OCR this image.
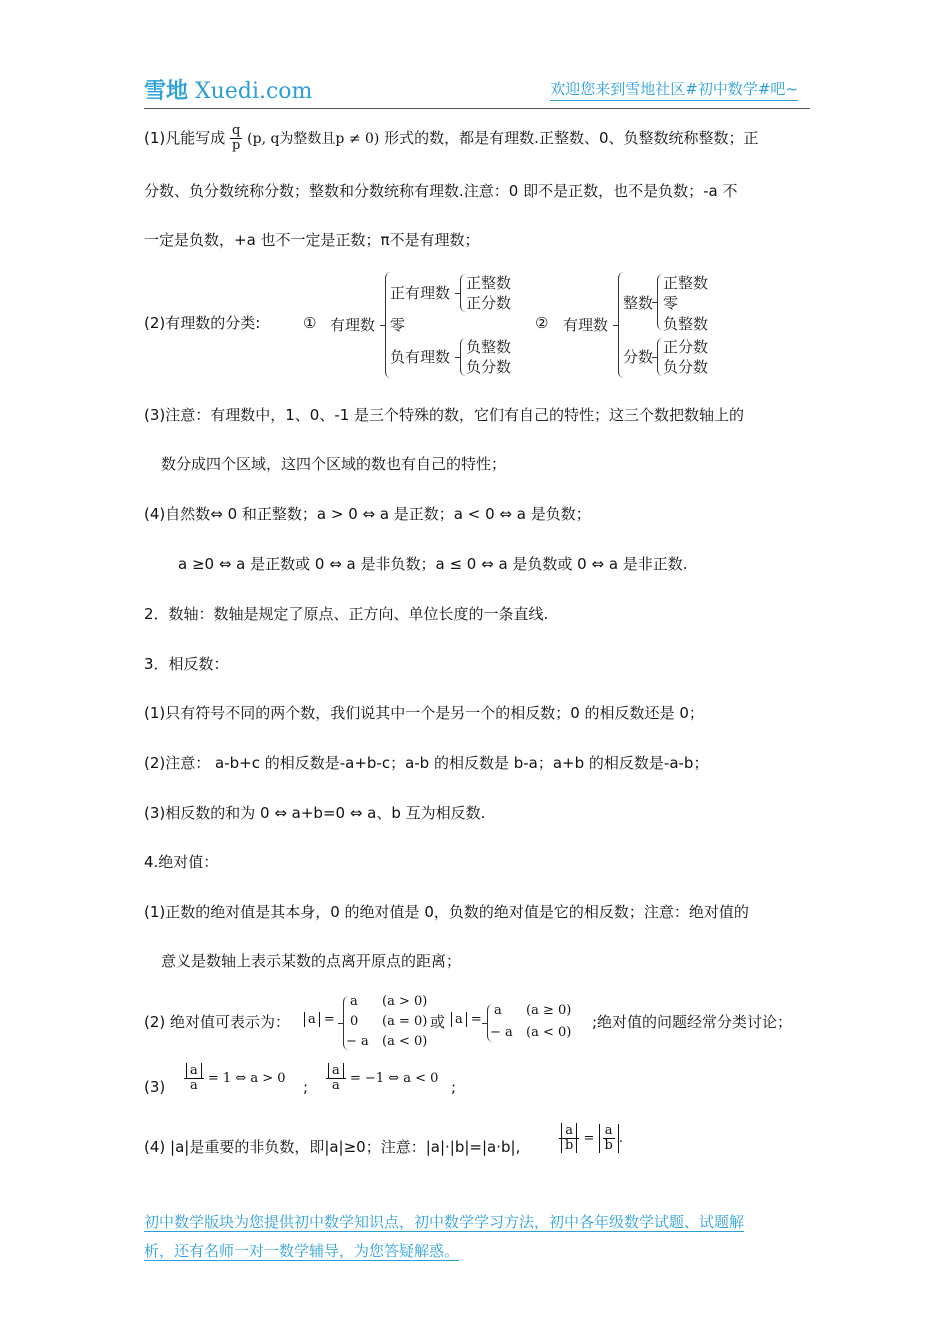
雪地 Xuedi.com	欢迎您来到雪地社区#初中数学#吧~
(1)凡能写成 $\frac{q}{p} (p$, q为整数且p ≠ 0) 形式的数，都是有理数.正整数、0、负整数统称整数；正
分数、负分数统称分数；整数和分数统称有理数.注意：0 即不是正数，也不是负数；-a 不
一定是负数，+a 也不一定是正数；π不是有理数；
(2)有理数的分类:	①	②
有理数
正有理数
正整数
正分数
零
负有理数
负整数
负分数
有理数
整数
正整数
零
负整数
分数
正分数
负分数
(3)注意：有理数中，1、0、-1 是三个特殊的数，它们有自己的特性；这三个数把数轴上的
数分成四个区域，这四个区域的数也有自己的特性；
(4)自然数⇔ 0 和正整数；a > 0 ⇔ a 是正数；a < 0 ⇔ a 是负数；
a ≥0 ⇔ a 是正数或 0 ⇔ a 是非负数；a ≤ 0 ⇔ a 是负数或 0 ⇔ a 是非正数.
2．数轴：数轴是规定了原点、正方向、单位长度的一条直线.
3．相反数：
(1)只有符号不同的两个数，我们说其中一个是另一个的相反数；0 的相反数还是 0；
(2)注意： a-b+c 的相反数是-a+b-c；a-b 的相反数是 b-a；a+b 的相反数是-a-b；
(3)相反数的和为 0 ⇔ a+b=0 ⇔ a、b 互为相反数.
4.绝对值：
(1)正数的绝对值是其本身，0 的绝对值是 0，负数的绝对值是它的相反数；注意：绝对值的
意义是数轴上表示某数的点离开原点的距离；
(2) 绝对值可表示为：	a =
a (a > 0)
0 (a = 0)
− a (a < 0)
或 a =
a (a ≥ 0)
− a (a < 0)
;绝对值的问题经常分类讨论；
$(3) \frac{a}{a} = 1$ ⇔ a > 0 ; $\frac{a}{a} = -1$ ⇔ a < 0 ;
(4) |a|是重要的非负数，即|a|≥0；注意：|a|·|b|=|a·b|,	$\frac{a}{b} = \frac{a}{b}$ .
初中数学版块为您提供初中数学知识点，初中数学学习方法，初中各年级数学试题、试题解
析，还有名师一对一数学辅导，为您答疑解惑。
